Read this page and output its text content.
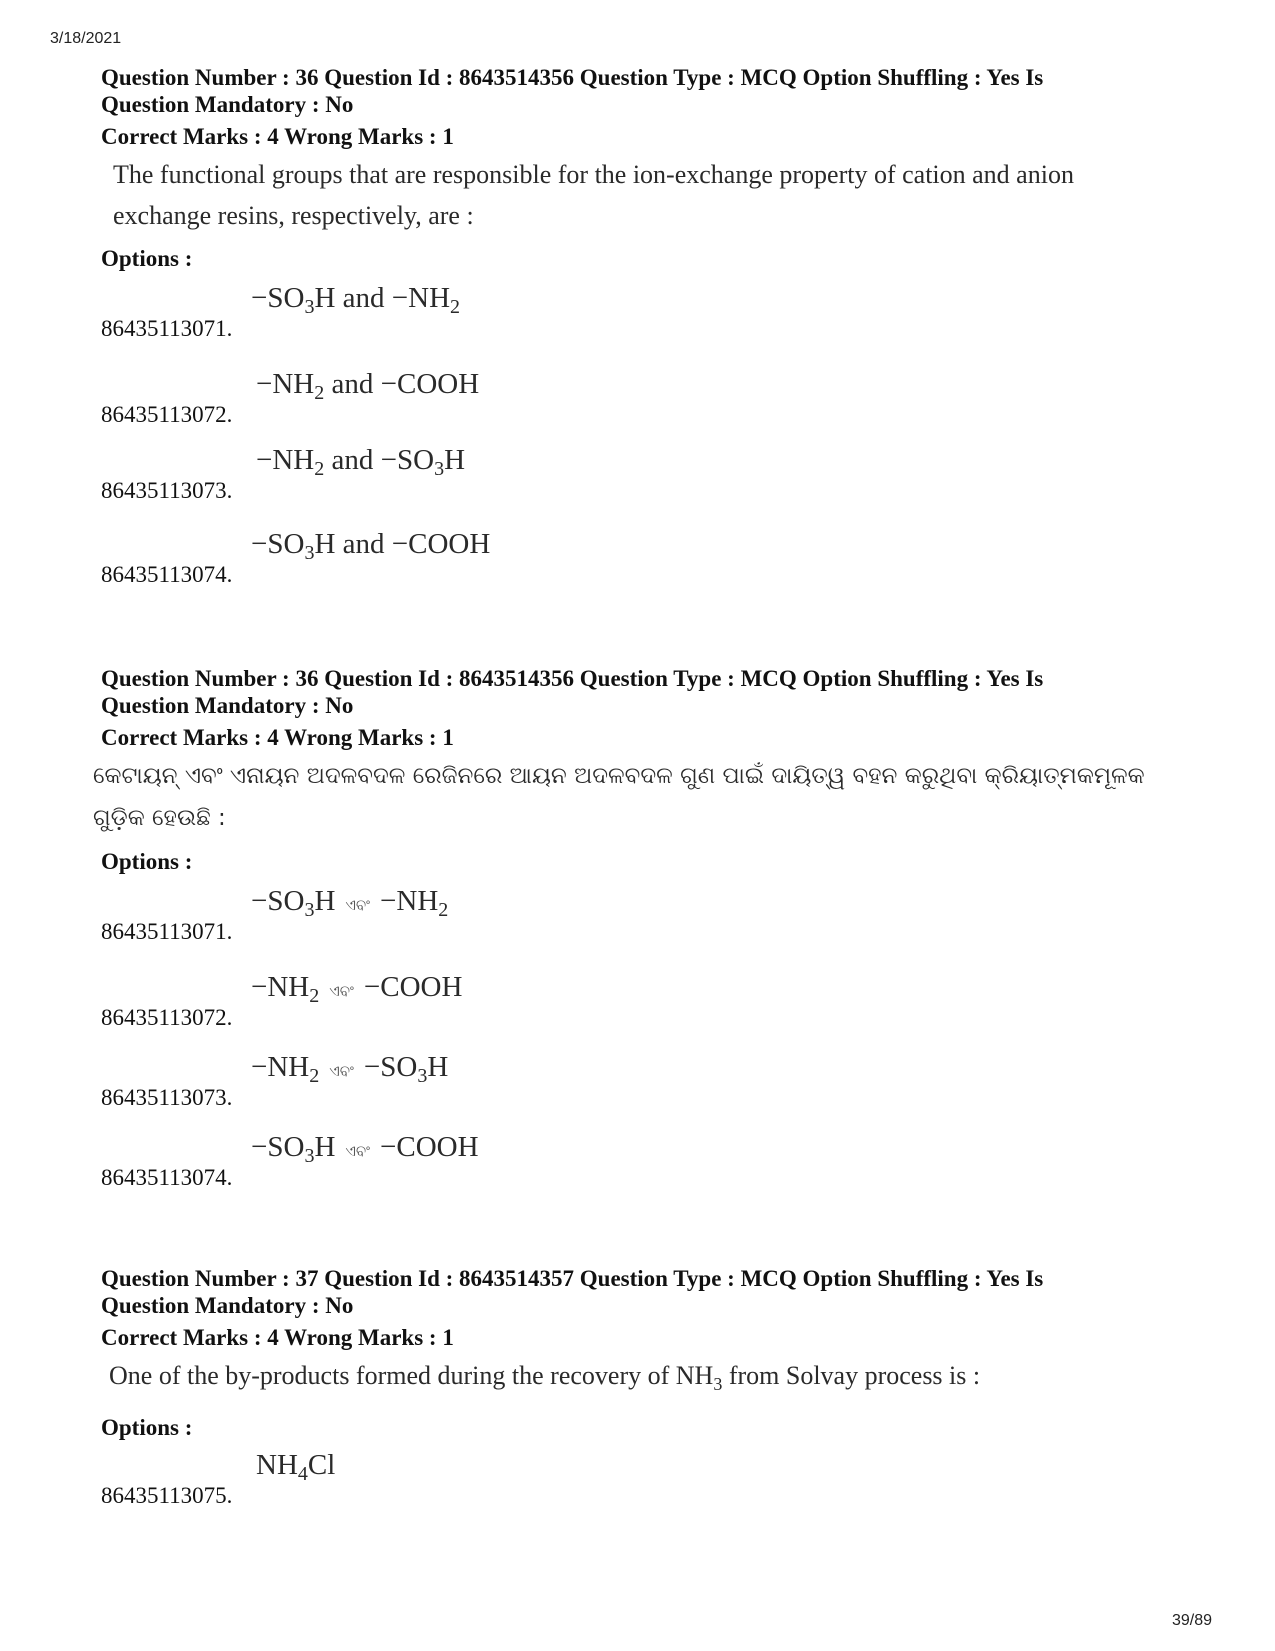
3/18/2021

Question Number : 36 Question Id : 8643514356 Question Type : MCQ Option Shuffling : Yes Is

Question Mandatory : No

Correct Marks : 4 Wrong Marks : 1

The functional groups that are responsible for the ion-exchange property of cation and anion
exchange resins, respectively, are :

Options :

86435113071.
$-SO_3H$ and $-NH_2$
86435113072.
$-NH_2$ and −COOH
86435113073.
$-NH_2$ and $-SO_3H$
86435113074.
$-SO_3H$ and −COOH

Question Number : 36 Question Id : 8643514356 Question Type : MCQ Option Shuffling : Yes Is

Question Mandatory : No

Correct Marks : 4 Wrong Marks : 1

କେଟାୟନ୍ ଏବଂ ଏନାୟନ ଅଦଳବଦଳ ରେଜିନରେ ଆୟନ ଅଦଳବଦଳ ଗୁଣ ପାଇଁ ଦାୟିତ୍ୱ ବହନ କରୁଥିବା କ୍ରିୟାତ୍ମକମୂଳକ
ଗୁଡ଼ିକ ହେଉଛି :

Options :

86435113071.
$-SO_3H$ ଏବଂ $-NH_2$
86435113072.
$-NH_2$ ଏବଂ −COOH
86435113073.
$-NH_2$ ଏବଂ $-SO_3H$
86435113074.
$-SO_3H$ ଏବଂ −COOH

Question Number : 37 Question Id : 8643514357 Question Type : MCQ Option Shuffling : Yes Is

Question Mandatory : No

Correct Marks : 4 Wrong Marks : 1

One of the by-products formed during the recovery of $NH_3$ from Solvay process is :

Options :

86435113075.
$NH_4Cl$
39/89
